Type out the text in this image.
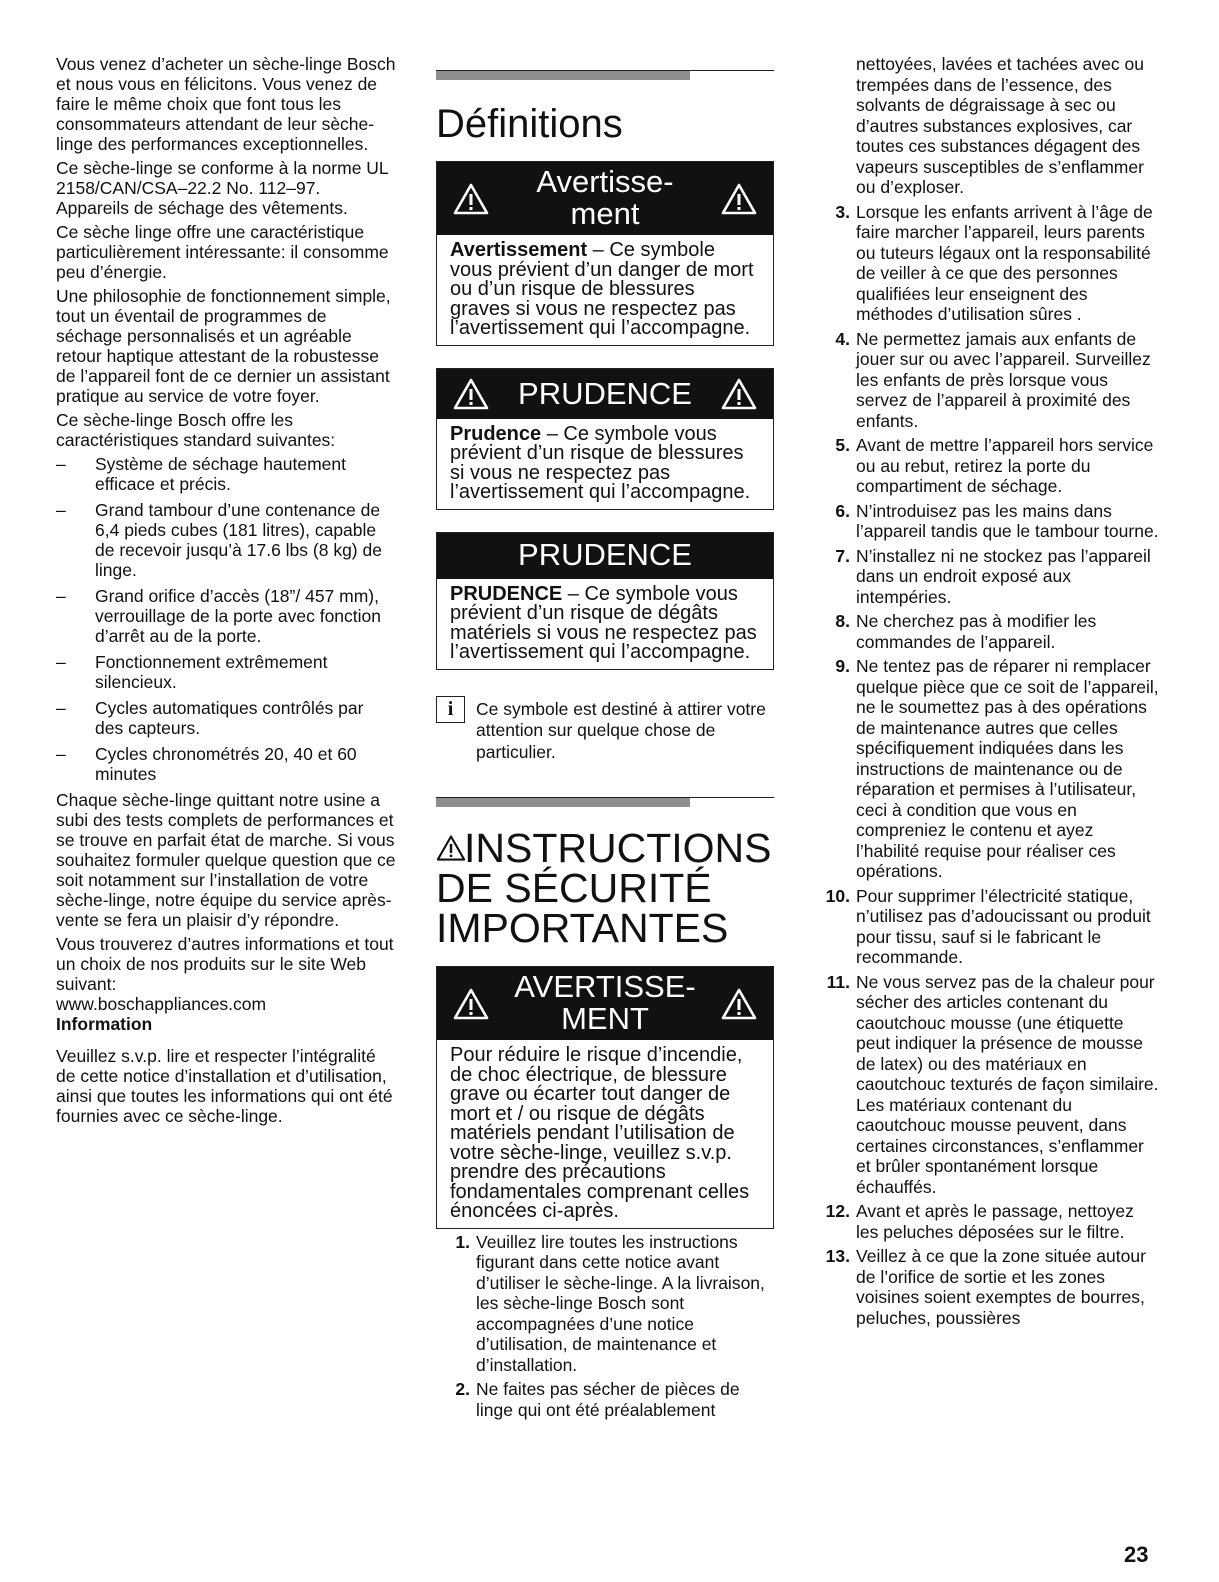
Vous venez d’acheter un sèche-linge Bosch et nous vous en félicitons. Vous venez de faire le même choix que font tous les consommateurs attendant de leur sèche-linge des performances exceptionnelles.

Ce sèche-linge se conforme à la norme UL 2158/CAN/CSA–22.2 No. 112–97. Appareils de séchage des vêtements.

Ce sèche linge offre une caractéristique particulièrement intéressante: il consomme peu d’énergie.

Une philosophie de fonctionnement simple, tout un éventail de programmes de séchage personnalisés et un agréable retour haptique attestant de la robustesse de l’appareil font de ce dernier un assistant pratique au service de votre foyer.

Ce sèche-linge Bosch offre les caractéristiques standard suivantes:

– Système de séchage hautement efficace et précis.
– Grand tambour d’une contenance de 6,4 pieds cubes (181 litres), capable de recevoir jusqu’à 17.6 lbs (8 kg) de linge.
– Grand orifice d’accès (18”/ 457 mm), verrouillage de la porte avec fonction d’arrêt au de la porte.
– Fonctionnement extrêmement silencieux.
– Cycles automatiques contrôlés par des capteurs.
– Cycles chronométrés 20, 40 et 60 minutes

Chaque sèche-linge quittant notre usine a subi des tests complets de performances et se trouve en parfait état de marche. Si vous souhaitez formuler quelque question que ce soit notamment sur l’installation de votre sèche-linge, notre équipe du service après-vente se fera un plaisir d’y répondre.

Vous trouverez d’autres informations et tout un choix de nos produits sur le site Web suivant:

www.boschappliances.com

Information

Veuillez s.v.p. lire et respecter l’intégralité de cette notice d’installation et d’utilisation, ainsi que toutes les informations qui ont été fournies avec ce sèche-linge.

Définitions
Avertisse-
ment
Avertissement – Ce symbole vous prévient d’un danger de mort ou d’un risque de blessures graves si vous ne respectez pas l’avertissement qui l’accompagne.
PRUDENCE
Prudence – Ce symbole vous prévient d’un risque de blessures si vous ne respectez pas l’avertissement qui l’accompagne.
PRUDENCE
PRUDENCE – Ce symbole vous prévient d’un risque de dégâts matériels si vous ne respectez pas l’avertissement qui l’accompagne.
i	Ce symbole est destiné à attirer votre attention sur quelque chose de particulier.
INSTRUCTIONS
DE SÉCURITÉ
IMPORTANTES
AVERTISSE-
MENT
Pour réduire le risque d’incendie, de choc électrique, de blessure grave ou écarter tout danger de mort et / ou risque de dégâts matériels pendant l’utilisation de votre sèche-linge, veuillez s.v.p. prendre des précautions fondamentales comprenant celles énoncées ci-après.
1. Veuillez lire toutes les instructions figurant dans cette notice avant d’utiliser le sèche-linge. A la livraison, les sèche-linge Bosch sont accompagnées d’une notice d’utilisation, de maintenance et d’installation.
2. Ne faites pas sécher de pièces de linge qui ont été préalablement
nettoyées, lavées et tachées avec ou trempées dans de l’essence, des solvants de dégraissage à sec ou d’autres substances explosives, car toutes ces substances dégagent des vapeurs susceptibles de s’enflammer ou d’exploser.
3. Lorsque les enfants arrivent à l’âge de faire marcher l’appareil, leurs parents ou tuteurs légaux ont la responsabilité de veiller à ce que des personnes qualifiées leur enseignent des méthodes d’utilisation sûres .
4. Ne permettez jamais aux enfants de jouer sur ou avec l’appareil. Surveillez les enfants de près lorsque vous servez de l’appareil à proximité des enfants.
5. Avant de mettre l’appareil hors service ou au rebut, retirez la porte du compartiment de séchage.
6. N’introduisez pas les mains dans l’appareil tandis que le tambour tourne.
7. N’installez ni ne stockez pas l’appareil dans un endroit exposé aux intempéries.
8. Ne cherchez pas à modifier les commandes de l’appareil.
9. Ne tentez pas de réparer ni remplacer quelque pièce que ce soit de l’appareil, ne le soumettez pas à des opérations de maintenance autres que celles spécifiquement indiquées dans les instructions de maintenance ou de réparation et permises à l’utilisateur, ceci à condition que vous en compreniez le contenu et ayez l’habilité requise pour réaliser ces opérations.
10. Pour supprimer l’électricité statique, n’utilisez pas d’adoucissant ou produit pour tissu, sauf si le fabricant le recommande.
11. Ne vous servez pas de la chaleur pour sécher des articles contenant du caoutchouc mousse (une étiquette peut indiquer la présence de mousse de latex) ou des matériaux en caoutchouc texturés de façon similaire. Les matériaux contenant du caoutchouc mousse peuvent, dans certaines circonstances, s’enflammer et brûler spontanément lorsque échauffés.
12. Avant et après le passage, nettoyez les peluches déposées sur le filtre.
13. Veillez à ce que la zone située autour de l’orifice de sortie et les zones voisines soient exemptes de bourres, peluches, poussières
23
